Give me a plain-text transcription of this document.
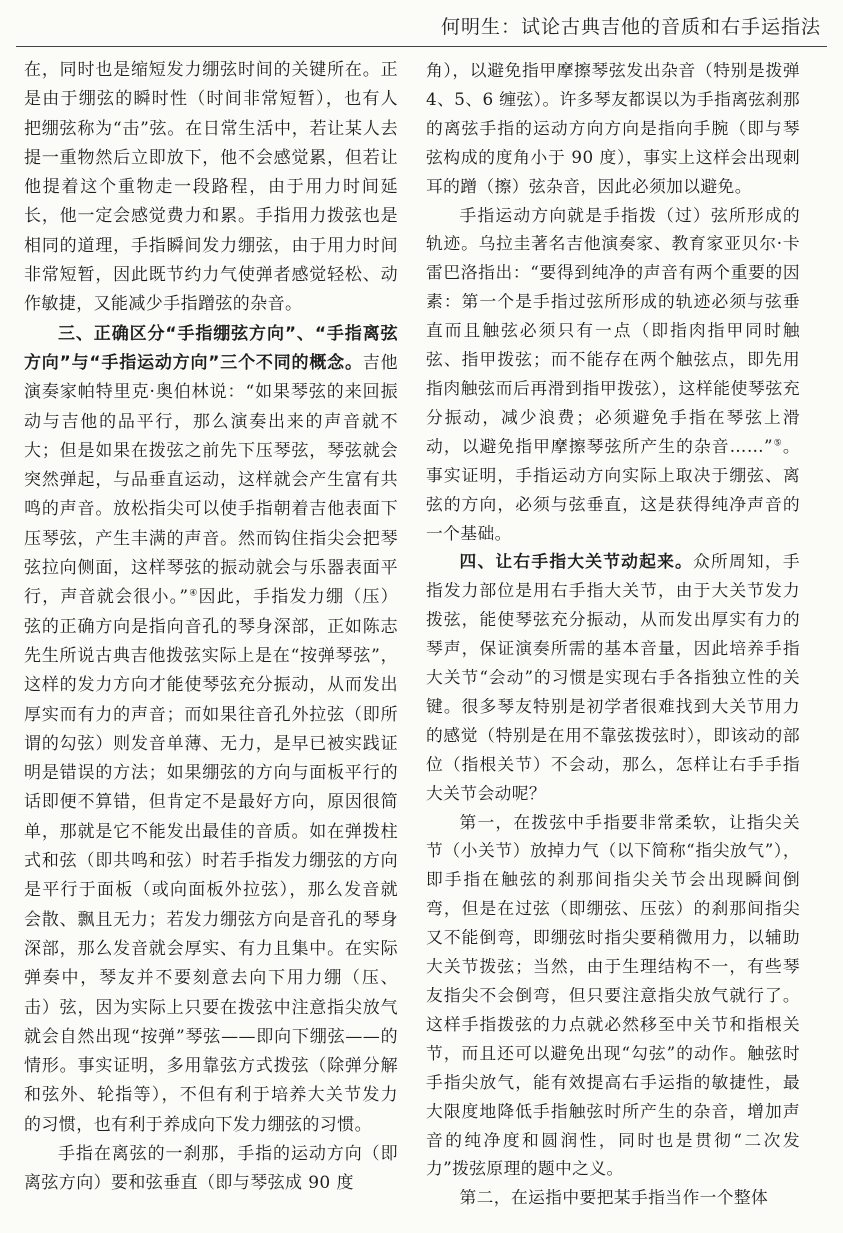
何明生：试论古典吉他的音质和右手运指法

在，同时也是缩短发力绷弦时间的关键所在。正是由于绷弦的瞬时性（时间非常短暂），也有人把绷弦称为“击”弦。在日常生活中，若让某人去提一重物然后立即放下，他不会感觉累，但若让他提着这个重物走一段路程，由于用力时间延长，他一定会感觉费力和累。手指用力拨弦也是相同的道理，手指瞬间发力绷弦，由于用力时间非常短暂，因此既节约力气使弹者感觉轻松、动作敏捷，又能减少手指蹭弦的杂音。

三、正确区分“手指绷弦方向”、“手指离弦方向”与“手指运动方向”三个不同的概念。吉他演奏家帕特里克·奥伯林说：“如果琴弦的来回振动与吉他的品平行，那么演奏出来的声音就不大；但是如果在拨弦之前先下压琴弦，琴弦就会突然弹起，与品垂直运动，这样就会产生富有共鸣的声音。放松指尖可以使手指朝着吉他表面下压琴弦，产生丰满的声音。然而钩住指尖会把琴弦拉向侧面，这样琴弦的振动就会与乐器表面平行，声音就会很小。”④因此，手指发力绷（压）弦的正确方向是指向音孔的琴身深部，正如陈志先生所说古典吉他拨弦实际上是在“按弹琴弦”，这样的发力方向才能使琴弦充分振动，从而发出厚实而有力的声音；而如果往音孔外拉弦（即所谓的勾弦）则发音单薄、无力，是早已被实践证明是错误的方法；如果绷弦的方向与面板平行的话即便不算错，但肯定不是最好方向，原因很简单，那就是它不能发出最佳的音质。如在弹拨柱式和弦（即共鸣和弦）时若手指发力绷弦的方向是平行于面板（或向面板外拉弦），那么发音就会散、飘且无力；若发力绷弦方向是音孔的琴身深部，那么发音就会厚实、有力且集中。在实际弹奏中，琴友并不要刻意去向下用力绷（压、击）弦，因为实际上只要在拨弦中注意指尖放气就会自然出现“按弹”琴弦——即向下绷弦——的情形。事实证明，多用靠弦方式拨弦（除弹分解和弦外、轮指等），不但有利于培养大关节发力的习惯，也有利于养成向下发力绷弦的习惯。

手指在离弦的一刹那，手指的运动方向（即离弦方向）要和弦垂直（即与琴弦成 90 度

角），以避免指甲摩擦琴弦发出杂音（特别是拨弹 4、5、6 缠弦）。许多琴友都误以为手指离弦刹那的离弦手指的运动方向方向是指向手腕（即与琴弦构成的度角小于 90 度），事实上这样会出现刺耳的蹭（擦）弦杂音，因此必须加以避免。

手指运动方向就是手指拨（过）弦所形成的轨迹。乌拉圭著名吉他演奏家、教育家亚贝尔·卡雷巴洛指出：“要得到纯净的声音有两个重要的因素：第一个是手指过弦所形成的轨迹必须与弦垂直而且触弦必须只有一点（即指肉指甲同时触弦、指甲拨弦；而不能存在两个触弦点，即先用指肉触弦而后再滑到指甲拨弦），这样能使琴弦充分振动，减少浪费；必须避免手指在琴弦上滑动，以避免指甲摩擦琴弦所产生的杂音……”⑤。事实证明，手指运动方向实际上取决于绷弦、离弦的方向，必须与弦垂直，这是获得纯净声音的一个基础。

四、让右手指大关节动起来。众所周知，手指发力部位是用右手指大关节，由于大关节发力拨弦，能使琴弦充分振动，从而发出厚实有力的琴声，保证演奏所需的基本音量，因此培养手指大关节“会动”的习惯是实现右手各指独立性的关键。很多琴友特别是初学者很难找到大关节用力的感觉（特别是在用不靠弦拨弦时），即该动的部位（指根关节）不会动，那么，怎样让右手手指大关节会动呢？

第一，在拨弦中手指要非常柔软，让指尖关节（小关节）放掉力气（以下简称“指尖放气”），即手指在触弦的刹那间指尖关节会出现瞬间倒弯，但是在过弦（即绷弦、压弦）的刹那间指尖又不能倒弯，即绷弦时指尖要稍微用力，以辅助大关节拨弦；当然，由于生理结构不一，有些琴友指尖不会倒弯，但只要注意指尖放气就行了。这样手指拨弦的力点就必然移至中关节和指根关节，而且还可以避免出现“勾弦”的动作。触弦时手指尖放气，能有效提高右手运指的敏捷性，最大限度地降低手指触弦时所产生的杂音，增加声音的纯净度和圆润性，同时也是贯彻“二次发力”拨弦原理的题中之义。

第二，在运指中要把某手指当作一个整体
